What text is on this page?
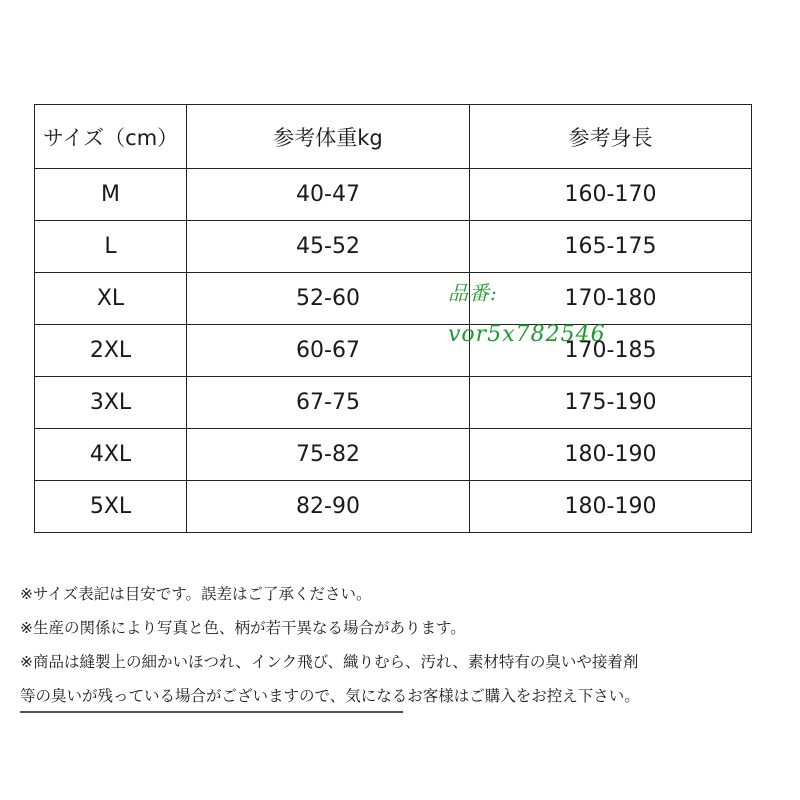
サイズ（cm）	参考体重kg	参考身長
M	40-47	160-170
L	45-52	165-175
XL	52-60	170-180
2XL	60-67	170-185
3XL	67-75	175-190
4XL	75-82	180-190
5XL	82-90	180-190
品番:
vor5x782546
※サイズ表記は目安です。誤差はご了承ください。
※生産の関係により写真と色、柄が若干異なる場合があります。
※商品は縫製上の細かいほつれ、インク飛び、織りむら、汚れ、素材特有の臭いや接着剤
等の臭いが残っている場合がございますので、気になるお客様はご購入をお控え下さい。
